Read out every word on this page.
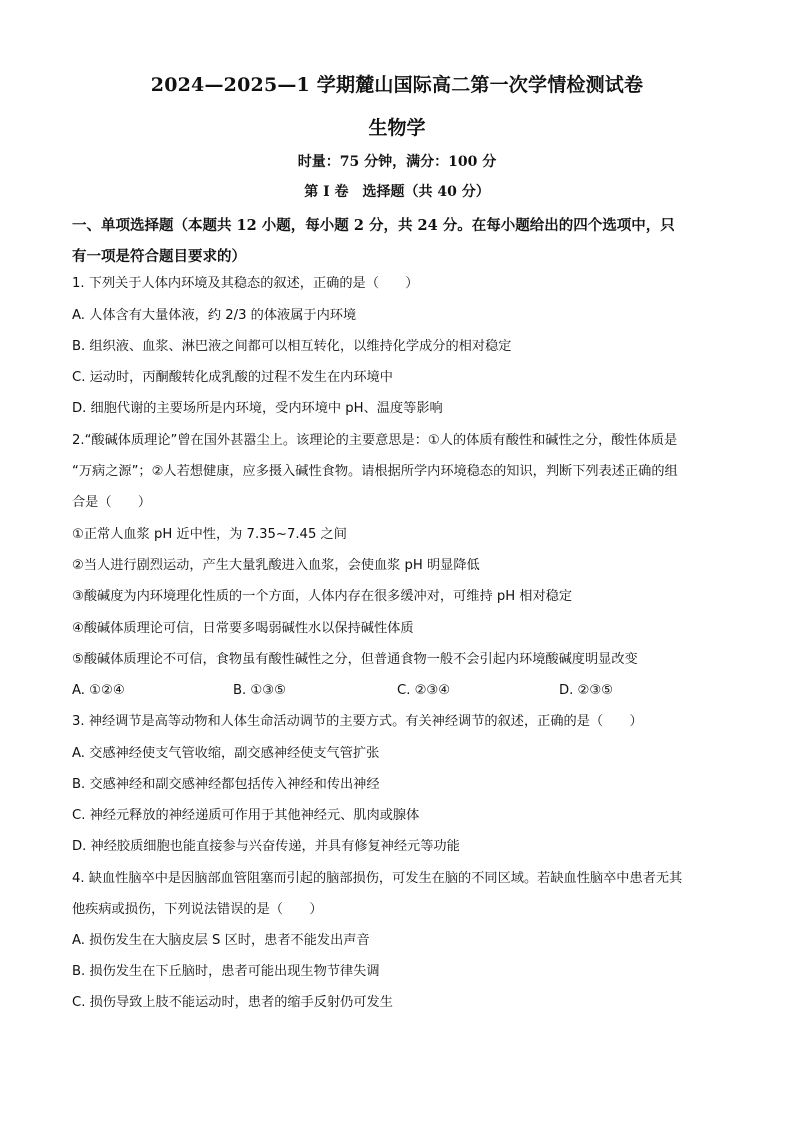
2024—2025—1 学期麓山国际高二第一次学情检测试卷
生物学
时量：75 分钟，满分：100 分
第 I 卷　选择题（共 40 分）
一、单项选择题（本题共 12 小题，每小题 2 分，共 24 分。在每小题给出的四个选项中，只
有一项是符合题目要求的）
1. 下列关于人体内环境及其稳态的叙述，正确的是（　　）
A. 人体含有大量体液，约 2/3 的体液属于内环境
B. 组织液、血浆、淋巴液之间都可以相互转化，以维持化学成分的相对稳定
C. 运动时，丙酮酸转化成乳酸的过程不发生在内环境中
D. 细胞代谢的主要场所是内环境，受内环境中 pH、温度等影响
2.“酸碱体质理论”曾在国外甚嚣尘上。该理论的主要意思是：①人的体质有酸性和碱性之分，酸性体质是
“万病之源”；②人若想健康，应多摄入碱性食物。请根据所学内环境稳态的知识，判断下列表述正确的组
合是（　　）
①正常人血浆 pH 近中性，为 7.35~7.45 之间
②当人进行剧烈运动，产生大量乳酸进入血浆，会使血浆 pH 明显降低
③酸碱度为内环境理化性质的一个方面，人体内存在很多缓冲对，可维持 pH 相对稳定
④酸碱体质理论可信，日常要多喝弱碱性水以保持碱性体质
⑤酸碱体质理论不可信，食物虽有酸性碱性之分，但普通食物一般不会引起内环境酸碱度明显改变
A. ①②④	B. ①③⑤	C. ②③④	D. ②③⑤
3. 神经调节是高等动物和人体生命活动调节的主要方式。有关神经调节的叙述，正确的是（　　）
A. 交感神经使支气管收缩，副交感神经使支气管扩张
B. 交感神经和副交感神经都包括传入神经和传出神经
C. 神经元释放的神经递质可作用于其他神经元、肌肉或腺体
D. 神经胶质细胞也能直接参与兴奋传递，并具有修复神经元等功能
4. 缺血性脑卒中是因脑部血管阻塞而引起的脑部损伤，可发生在脑的不同区域。若缺血性脑卒中患者无其
他疾病或损伤，下列说法错误的是（　　）
A. 损伤发生在大脑皮层 S 区时，患者不能发出声音
B. 损伤发生在下丘脑时，患者可能出现生物节律失调
C. 损伤导致上肢不能运动时，患者的缩手反射仍可发生
